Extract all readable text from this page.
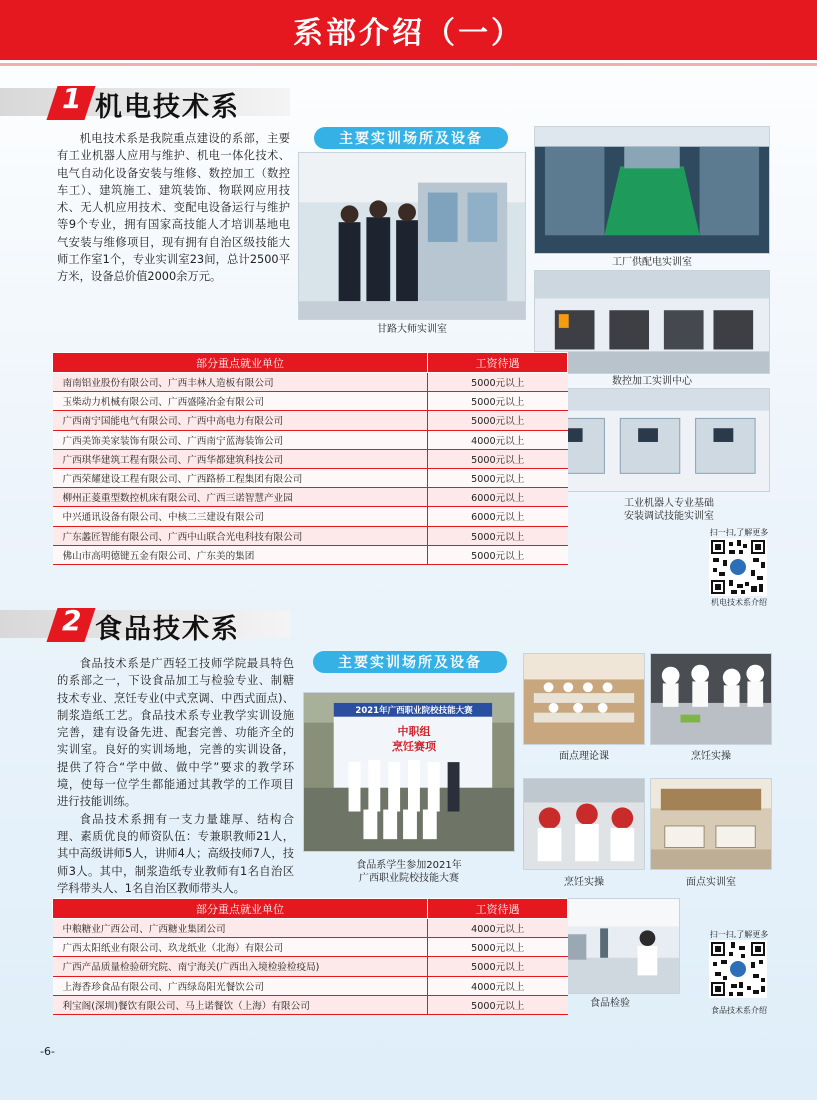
系部介绍（一）
1 机电技术系
机电技术系是我院重点建设的系部，主要有工业机器人应用与维护、机电一体化技术、电气自动化设备安装与维修、数控加工（数控车工）、建筑施工、建筑装饰、物联网应用技术、无人机应用技术、变配电设备运行与维护等9个专业，拥有国家高技能人才培训基地电气安装与维修项目，现有拥有自治区级技能大师工作室1个，专业实训室23间，总计2500平方米，设备总价值2000余万元。
主要实训场所及设备
甘路大师实训室
工厂供配电实训室
数控加工实训中心
工业机器人专业基础
安装调试技能实训室
部分重点就业单位	工资待遇
南南铝业股份有限公司、广西丰林人造板有限公司	5000元以上
玉柴动力机械有限公司、广西盛隆冶金有限公司	5000元以上
广西南宁国能电气有限公司、广西中高电力有限公司	5000元以上
广西美饰美家装饰有限公司、广西南宁蓝海装饰公司	4000元以上
广西琪华建筑工程有限公司、广西华都建筑科技公司	5000元以上
广西荣耀建设工程有限公司、广西路桥工程集团有限公司	5000元以上
柳州正菱重型数控机床有限公司、广西三诺智慧产业园	6000元以上
中兴通讯设备有限公司、中核二三建设有限公司	6000元以上
广东蠡匠智能有限公司、广西中山联合光电科技有限公司	5000元以上
佛山市高明德键五金有限公司、广东美的集团	5000元以上
扫一扫,了解更多
机电技术系介绍
2 食品技术系

食品技术系是广西轻工技师学院最具特色的系部之一，下设食品加工与检验专业、制糖技术专业、烹饪专业(中式烹调、中西式面点)、制浆造纸工艺。食品技术系专业教学实训设施完善，建有设备先进、配套完善、功能齐全的实训室。良好的实训场地，完善的实训设备，提供了符合“学中做、做中学”要求的教学环境，使每一位学生都能通过其教学的工作项目进行技能训练。

食品技术系拥有一支力量雄厚、结构合理、素质优良的师资队伍：专兼职教师21人，其中高级讲师5人，讲师4人；高级技师7人，技师3人。其中，制浆造纸专业教师有1名自治区学科带头人、1名自治区教师带头人。

主要实训场所及设备
2021年广西职业院校技能大赛
中职组
烹饪赛项
食品系学生参加2021年
广西职业院校技能大赛
面点理论课	烹饪实操
烹饪实操	面点实训室
食品检验
部分重点就业单位	工资待遇
中粮糖业广西公司、广西糖业集团公司	4000元以上
广西太阳纸业有限公司、玖龙纸业（北海）有限公司	5000元以上
广西产品质量检验研究院、南宁海关(广西出入境检验检疫局)	5000元以上
上海香珍食品有限公司、广西绿岛阳光餐饮公司	4000元以上
利宝阁(深圳)餐饮有限公司、马上诺餐饮（上海）有限公司	5000元以上
扫一扫,了解更多
食品技术系介绍
-6-
